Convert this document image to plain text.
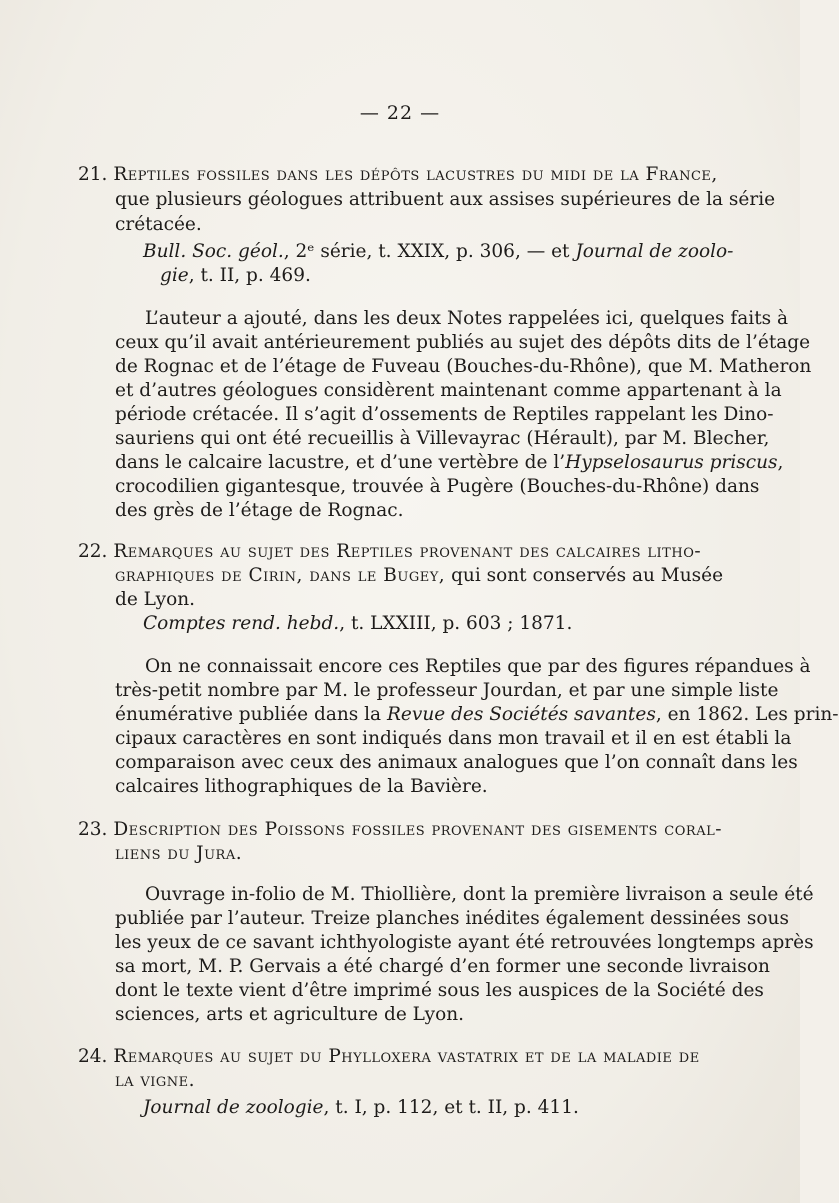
— 22 —
21. Reptiles fossiles dans les dépôts lacustres du midi de la France,
que plusieurs géologues attribuent aux assises supérieures de la série
crétacée.
Bull. Soc. géol., 2ᵉ série, t. XXIX, p. 306, — et Journal de zoolo-
gie, t. II, p. 469.
L’auteur a ajouté, dans les deux Notes rappelées ici, quelques faits à
ceux qu’il avait antérieurement publiés au sujet des dépôts dits de l’étage
de Rognac et de l’étage de Fuveau (Bouches-du-Rhône), que M. Matheron
et d’autres géologues considèrent maintenant comme appartenant à la
période crétacée. Il s’agit d’ossements de Reptiles rappelant les Dino-
sauriens qui ont été recueillis à Villevayrac (Hérault), par M. Blecher,
dans le calcaire lacustre, et d’une vertèbre de l’Hypselosaurus priscus,
crocodilien gigantesque, trouvée à Pugère (Bouches-du-Rhône) dans
des grès de l’étage de Rognac.
22. Remarques au sujet des Reptiles provenant des calcaires litho-
graphiques de Cirin, dans le Bugey, qui sont conservés au Musée
de Lyon.
Comptes rend. hebd., t. LXXIII, p. 603 ; 1871.
On ne connaissait encore ces Reptiles que par des figures répandues à
très-petit nombre par M. le professeur Jourdan, et par une simple liste
énumérative publiée dans la Revue des Sociétés savantes, en 1862. Les prin-
cipaux caractères en sont indiqués dans mon travail et il en est établi la
comparaison avec ceux des animaux analogues que l’on connaît dans les
calcaires lithographiques de la Bavière.
23. Description des Poissons fossiles provenant des gisements coral-
liens du Jura.
Ouvrage in-folio de M. Thiollière, dont la première livraison a seule été
publiée par l’auteur. Treize planches inédites également dessinées sous
les yeux de ce savant ichthyologiste ayant été retrouvées longtemps après
sa mort, M. P. Gervais a été chargé d’en former une seconde livraison
dont le texte vient d’être imprimé sous les auspices de la Société des
sciences, arts et agriculture de Lyon.
24. Remarques au sujet du Phylloxera vastatrix et de la maladie de
la vigne.
Journal de zoologie, t. I, p. 112, et t. II, p. 411.
